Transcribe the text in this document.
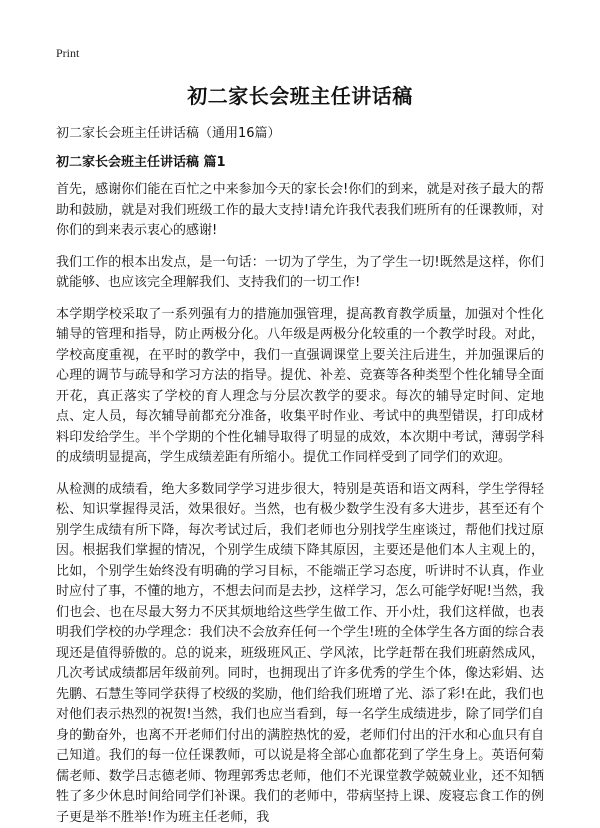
Print
初二家长会班主任讲话稿
初二家长会班主任讲话稿（通用16篇）
初二家长会班主任讲话稿 篇1

首先，感谢你们能在百忙之中来参加今天的家长会!你们的到来，就是对孩子最大的帮助和鼓励，就是对我们班级工作的最大支持!请允许我代表我们班所有的任课教师，对你们的到来表示衷心的感谢!

我们工作的根本出发点，是一句话：一切为了学生，为了学生一切!既然是这样，你们就能够、也应该完全理解我们、支持我们的一切工作!

本学期学校采取了一系列强有力的措施加强管理，提高教育教学质量，加强对个性化辅导的管理和指导，防止两极分化。八年级是两极分化较重的一个教学时段。对此，学校高度重视，在平时的教学中，我们一直强调课堂上要关注后进生，并加强课后的心理的调节与疏导和学习方法的指导。提优、补差、竞赛等各种类型个性化辅导全面开花，真正落实了学校的育人理念与分层次教学的要求。每次的辅导定时间、定地点、定人员，每次辅导前都充分准备，收集平时作业、考试中的典型错误，打印成材料印发给学生。半个学期的个性化辅导取得了明显的成效，本次期中考试，薄弱学科的成绩明显提高，学生成绩差距有所缩小。提优工作同样受到了同学们的欢迎。

从检测的成绩看，绝大多数同学学习进步很大，特别是英语和语文两科，学生学得轻松、知识掌握得灵活，效果很好。当然，也有极少数学生没有多大进步，甚至还有个别学生成绩有所下降，每次考试过后，我们老师也分别找学生座谈过，帮他们找过原因。根据我们掌握的情况，个别学生成绩下降其原因，主要还是他们本人主观上的，比如，个别学生始终没有明确的学习目标，不能端正学习态度，听讲时不认真，作业时应付了事，不懂的地方，不想去问而是去抄，这样学习，怎么可能学好呢!当然，我们也会、也在尽最大努力不厌其烦地给这些学生做工作、开小灶，我们这样做，也表明我们学校的办学理念：我们决不会放弃任何一个学生!班的全体学生各方面的综合表现还是值得骄傲的。总的说来，班级班风正、学风浓，比学赶帮在我们班蔚然成风，几次考试成绩都居年级前列。同时，也拥现出了许多优秀的学生个体，像达彩娟、达先鹏、石慧生等同学获得了校级的奖励，他们给我们班增了光、添了彩!在此，我们也对他们表示热烈的祝贺!当然，我们也应当看到，每一名学生成绩进步，除了同学们自身的勤奋外，也离不开老师们付出的满腔热忱的爱，老师们付出的汗水和心血只有自己知道。我们的每一位任课教师，可以说是将全部心血都花到了学生身上。英语何菊儒老师、数学吕志德老师、物理郭秀忠老师，他们不光课堂教学兢兢业业，还不知牺牲了多少休息时间给同学们补课。我们的老师中，带病坚持上课、废寝忘食工作的例子更是举不胜举!作为班主任老师，我
